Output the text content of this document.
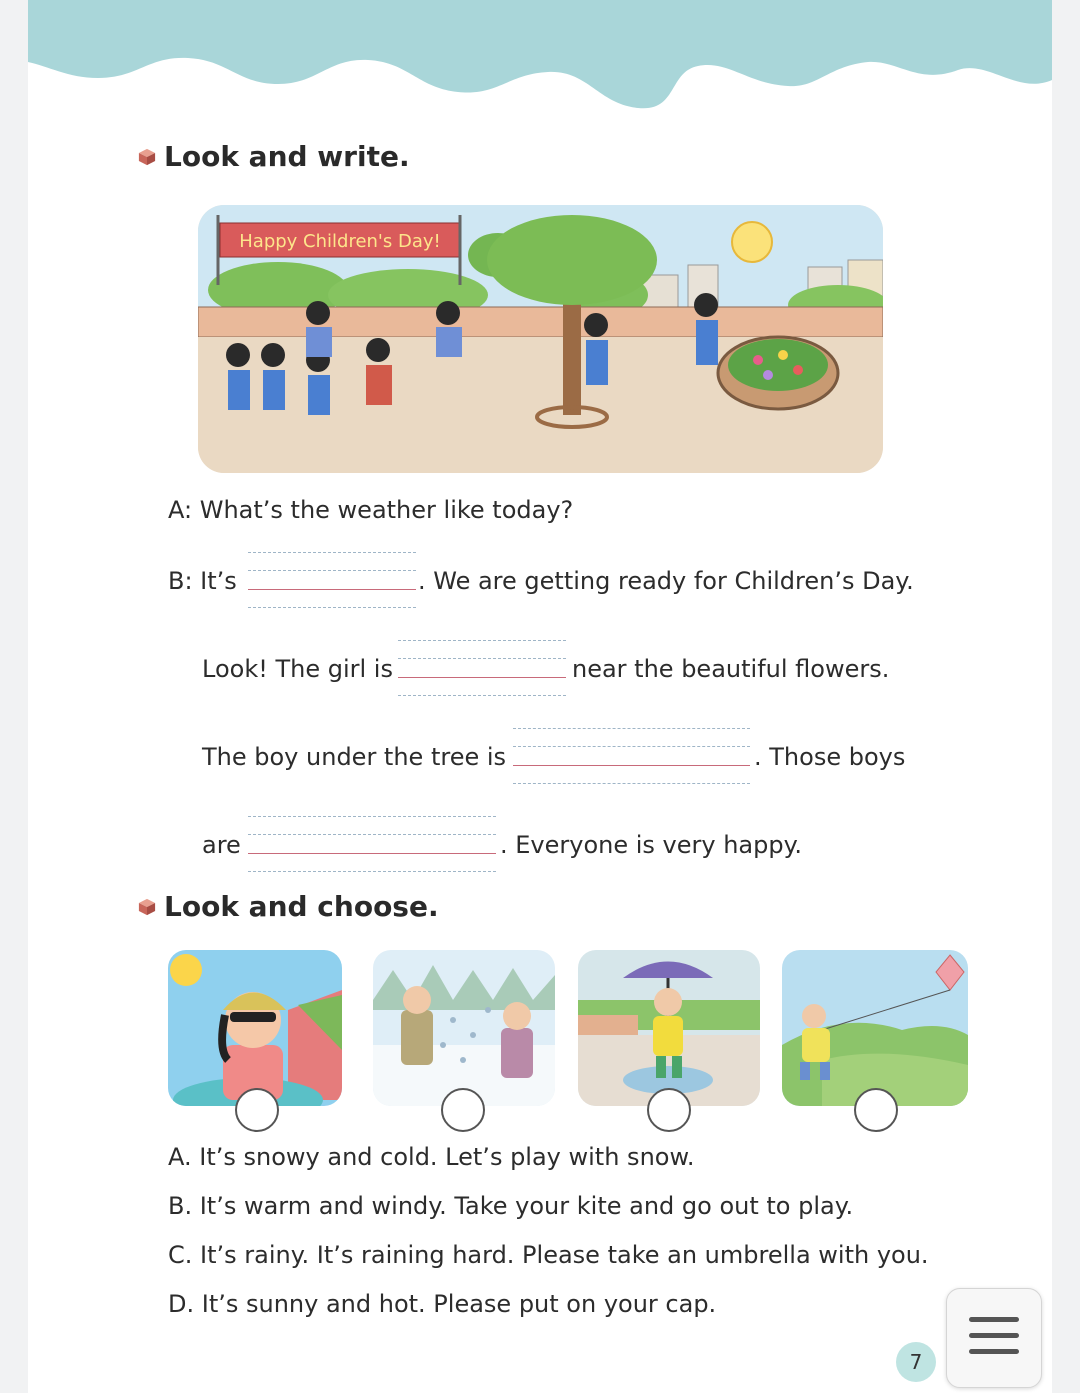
Look and write.
Happy Children's Day!
A: What’s the weather like today?
B: It’s	. We are getting ready for Children’s Day.
Look! The girl is	near the beautiful flowers.
The boy under the tree is	. Those boys
are	. Everyone is very happy.
Look and choose.
A. It’s snowy and cold. Let’s play with snow.
B. It’s warm and windy. Take your kite and go out to play.
C. It’s rainy. It’s raining hard. Please take an umbrella with you.
D. It’s sunny and hot. Please put on your cap.
7
